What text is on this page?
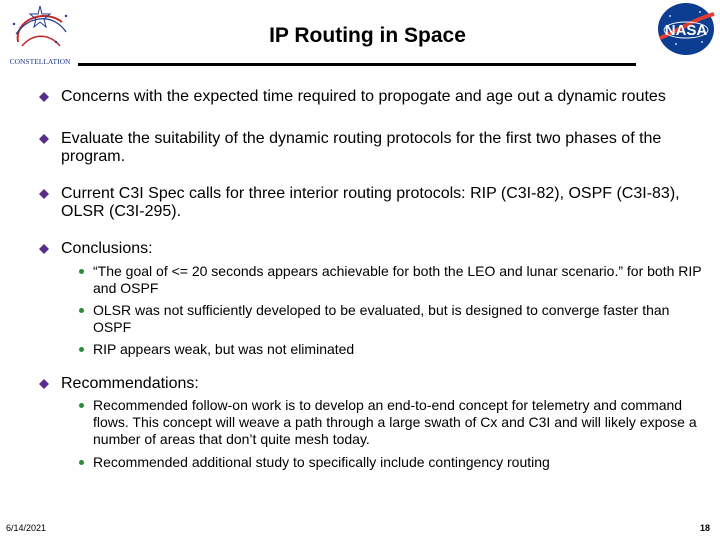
CONSTELLATION
NASA
IP Routing in Space
Concerns with the expected time required to propogate and age out a dynamic routes
Evaluate the suitability of the dynamic routing protocols for the first two phases of the program.
Current C3I Spec calls for three interior routing protocols: RIP (C3I-82), OSPF (C3I-83), OLSR (C3I-295).
Conclusions:
“The goal of <= 20 seconds appears achievable for both the LEO and lunar scenario.” for both RIP and OSPF
OLSR was not sufficiently developed to be evaluated, but is designed to converge faster than OSPF
RIP appears weak, but was not eliminated
Recommendations:
Recommended follow-on work is to develop an end-to-end concept for telemetry and command flows. This concept will weave a path through a large swath of Cx and C3I and will likely expose a number of areas that don’t quite mesh today.
Recommended additional study to specifically include contingency routing
6/14/2021	18
